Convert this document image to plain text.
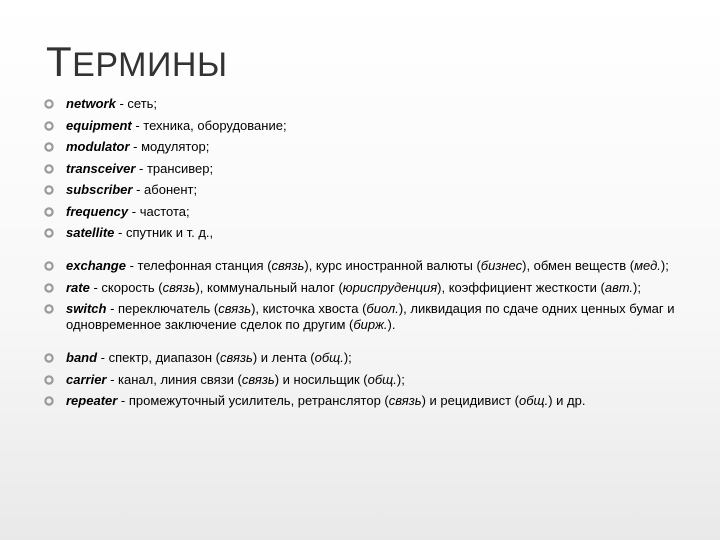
ТЕРМИНЫ
network - сеть;
equipment - техника, оборудование;
modulator - модулятор;
transceiver - трансивер;
subscriber - абонент;
frequency - частота;
satellite - спутник и т. д.,
exchange - телефонная станция (связь), курс иностранной валюты (бизнес), обмен веществ (мед.);
rate - скорость (связь), коммунальный налог (юриспруденция), коэффициент жесткости (авт.);
switch - переключатель (связь), кисточка хвоста (биол.), ликвидация по сдаче одних ценных бумаг и одновременное заключение сделок по другим (бирж.).
band - спектр, диапазон (связь) и лента (общ.);
carrier - канал, линия связи (связь) и носильщик (общ.);
repeater - промежуточный усилитель, ретранслятор (связь) и рецидивист (общ.) и др.
